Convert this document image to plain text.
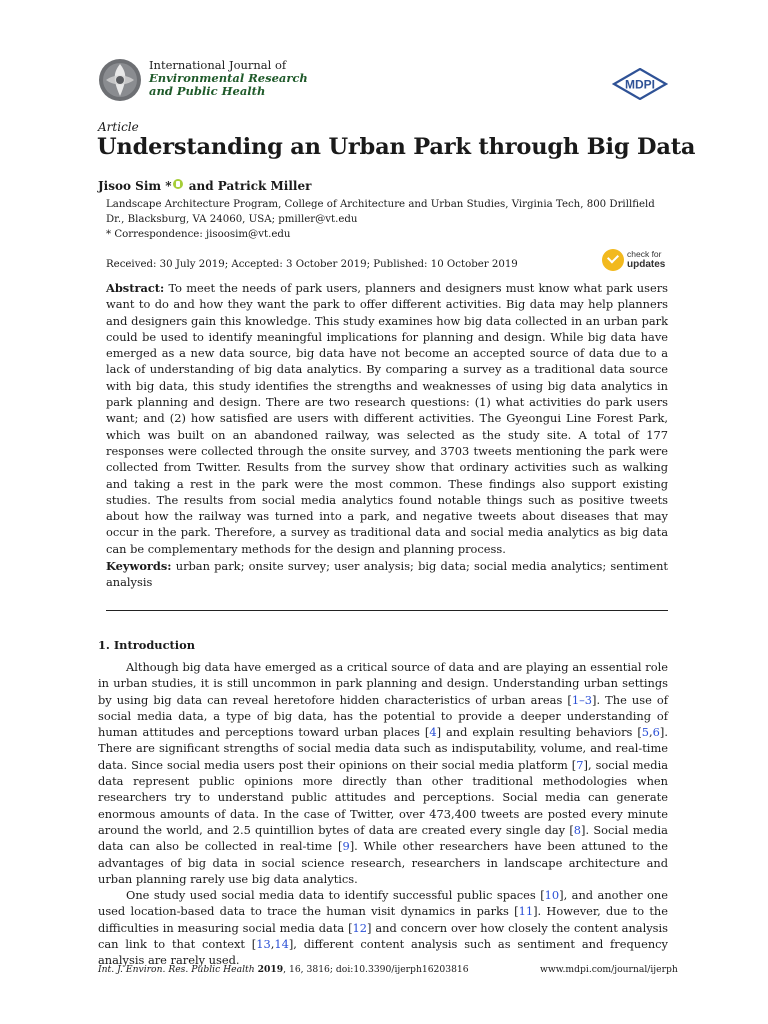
International Journal of
Environmental Research
and Public Health	MDPI
Article
Understanding an Urban Park through Big Data
Jisoo Sim * and Patrick Miller
Landscape Architecture Program, College of Architecture and Urban Studies, Virginia Tech, 800 Drillfield Dr., Blacksburg, VA 24060, USA; pmiller@vt.edu
* Correspondence: jisoosim@vt.edu
Received: 30 July 2019; Accepted: 3 October 2019; Published: 10 October 2019
check for
updates
Abstract: To meet the needs of park users, planners and designers must know what park users want to do and how they want the park to offer different activities. Big data may help planners and designers gain this knowledge. This study examines how big data collected in an urban park could be used to identify meaningful implications for planning and design. While big data have emerged as a new data source, big data have not become an accepted source of data due to a lack of understanding of big data analytics. By comparing a survey as a traditional data source with big data, this study identifies the strengths and weaknesses of using big data analytics in park planning and design. There are two research questions: (1) what activities do park users want; and (2) how satisfied are users with different activities. The Gyeongui Line Forest Park, which was built on an abandoned railway, was selected as the study site. A total of 177 responses were collected through the onsite survey, and 3703 tweets mentioning the park were collected from Twitter. Results from the survey show that ordinary activities such as walking and taking a rest in the park were the most common. These findings also support existing studies. The results from social media analytics found notable things such as positive tweets about how the railway was turned into a park, and negative tweets about diseases that may occur in the park. Therefore, a survey as traditional data and social media analytics as big data can be complementary methods for the design and planning process.
Keywords: urban park; onsite survey; user analysis; big data; social media analytics; sentiment analysis
1. Introduction

Although big data have emerged as a critical source of data and are playing an essential role in urban studies, it is still uncommon in park planning and design. Understanding urban settings by using big data can reveal heretofore hidden characteristics of urban areas [1–3]. The use of social media data, a type of big data, has the potential to provide a deeper understanding of human attitudes and perceptions toward urban places [4] and explain resulting behaviors [5,6]. There are significant strengths of social media data such as indisputability, volume, and real-time data. Since social media users post their opinions on their social media platform [7], social media data represent public opinions more directly than other traditional methodologies when researchers try to understand public attitudes and perceptions. Social media can generate enormous amounts of data. In the case of Twitter, over 473,400 tweets are posted every minute around the world, and 2.5 quintillion bytes of data are created every single day [8]. Social media data can also be collected in real-time [9]. While other researchers have been attuned to the advantages of big data in social science research, researchers in landscape architecture and urban planning rarely use big data analytics.

One study used social media data to identify successful public spaces [10], and another one used location-based data to trace the human visit dynamics in parks [11]. However, due to the difficulties in measuring social media data [12] and concern over how closely the content analysis can link to that context [13,14], different content analysis such as sentiment and frequency analysis are rarely used.

Int. J. Environ. Res. Public Health 2019, 16, 3816; doi:10.3390/ijerph16203816	www.mdpi.com/journal/ijerph
